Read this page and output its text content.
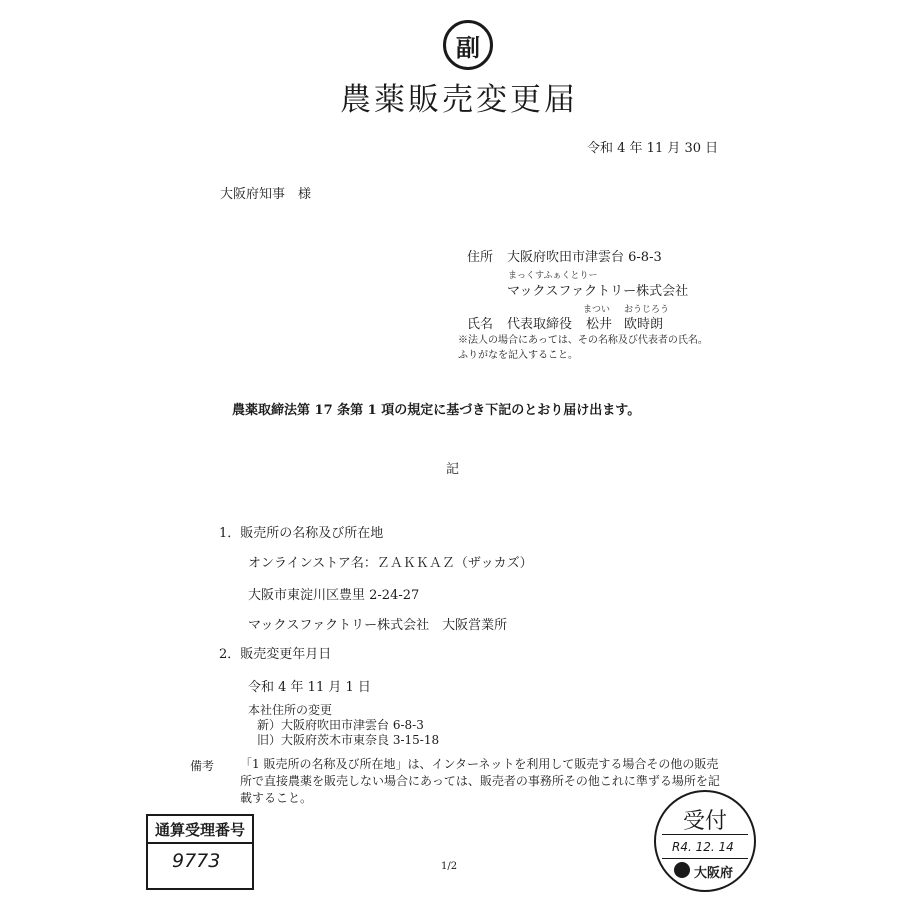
副
農薬販売変更届
令和 4 年 11 月 30 日
大阪府知事　様
住所 大阪府吹田市津雲台 6-8-3
まっくすふぁくとりー
マックスファクトリー株式会社
氏名 代表取締役
まつい おうじろう
松井 欧時朗
※法人の場合にあっては、その名称及び代表者の氏名。
ふりがなを記入すること。
農薬取締法第 17 条第 1 項の規定に基づき下記のとおり届け出ます。
記
1．販売所の名称及び所在地
オンラインストア名：ＺＡＫＫＡＺ（ザッカズ）
大阪市東淀川区豊里 2-24-27
マックスファクトリー株式会社　大阪営業所
2．販売変更年月日
令和 4 年 11 月 1 日
本社住所の変更
新）大阪府吹田市津雲台 6-8-3
旧）大阪府茨木市東奈良 3-15-18
備考 「1 販売所の名称及び所在地」は、インターネットを利用して販売する場合その他の販売所で直接農薬を販売しない場合にあっては、販売者の事務所その他これに準ずる場所を記載すること。
通算受理番号
9773	1/2
受付
R4. 12. 14
大阪府
